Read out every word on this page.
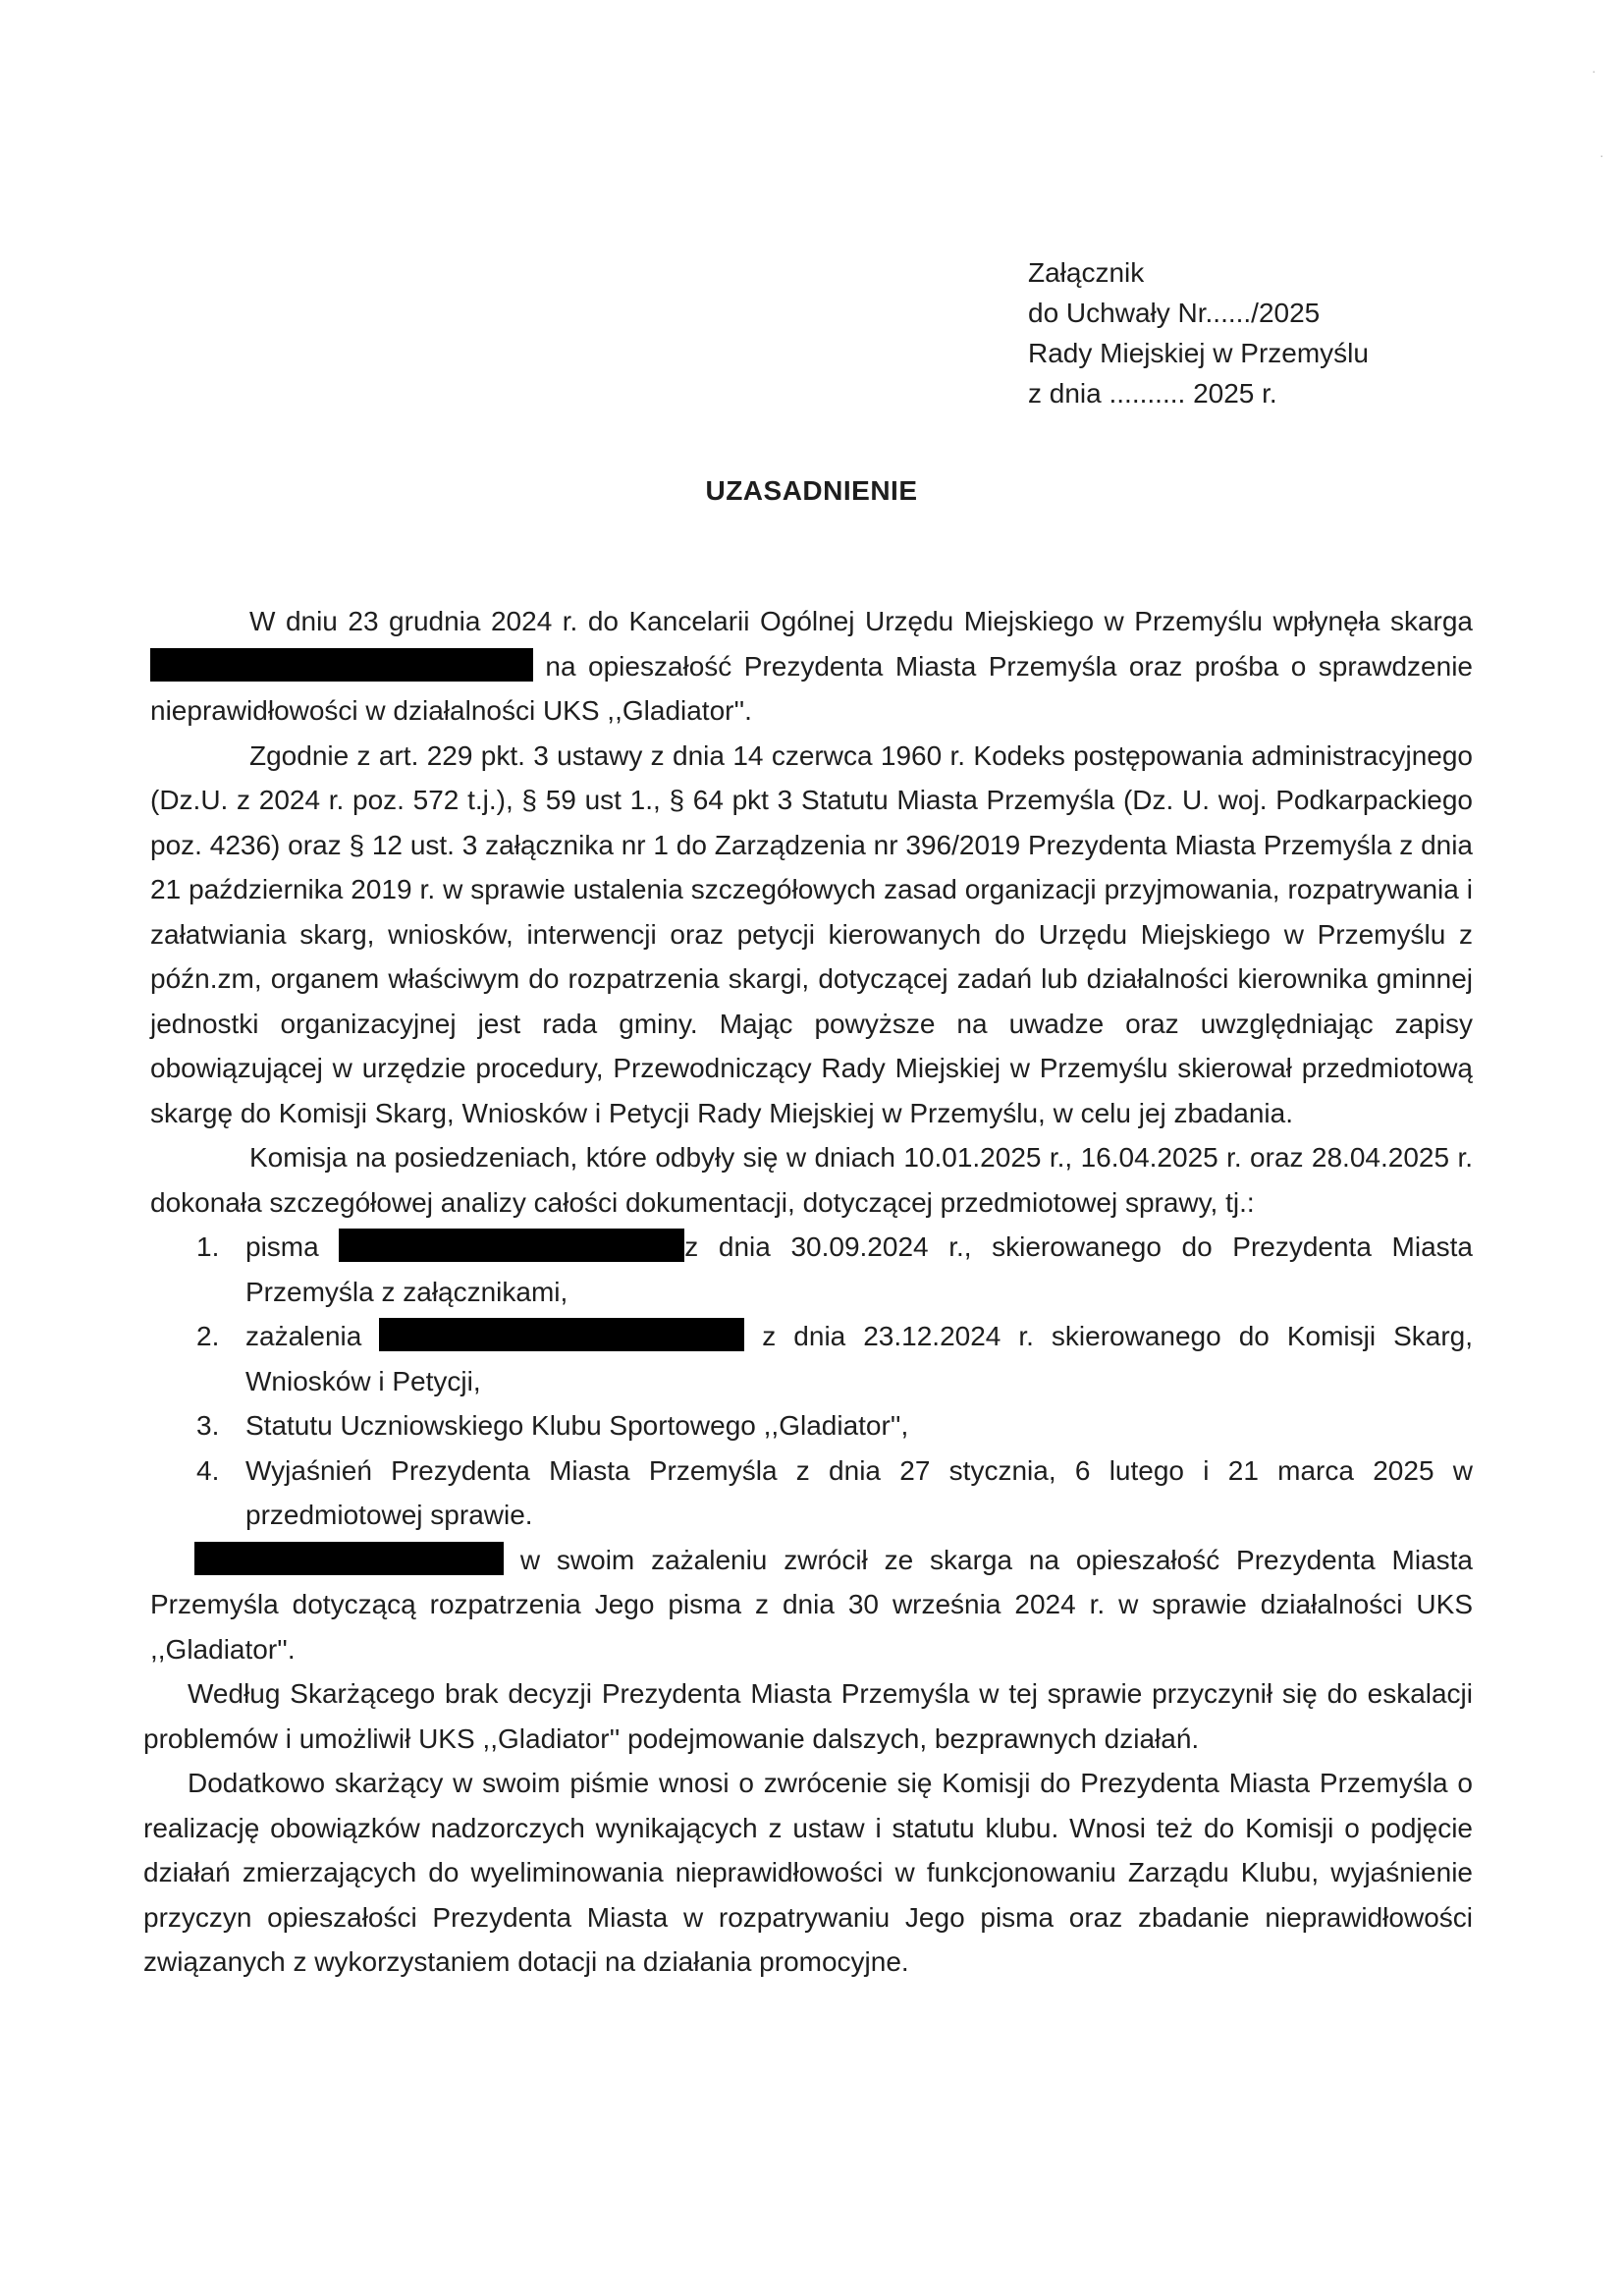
Załącznik
do Uchwały Nr....../2025
Rady Miejskiej w Przemyślu
z dnia .......... 2025 r.
UZASADNIENIE

W dniu 23 grudnia 2024 r. do Kancelarii Ogólnej Urzędu Miejskiego w Przemyślu wpłynęła skarga  na opieszałość Prezydenta Miasta Przemyśla oraz prośba o sprawdzenie nieprawidłowości w działalności UKS ,,Gladiator''.

Zgodnie z art. 229 pkt. 3 ustawy z dnia 14 czerwca 1960 r. Kodeks postępowania administracyjnego (Dz.U. z 2024 r. poz. 572 t.j.), § 59 ust 1., § 64 pkt 3 Statutu Miasta Przemyśla (Dz. U. woj. Podkarpackiego poz. 4236) oraz § 12 ust. 3 załącznika nr 1 do Zarządzenia nr 396/2019 Prezydenta Miasta Przemyśla z dnia 21 października 2019 r. w sprawie ustalenia szczegółowych zasad organizacji przyjmowania, rozpatrywania i załatwiania skarg, wniosków, interwencji oraz petycji kierowanych do Urzędu Miejskiego w Przemyślu z późn.zm, organem właściwym do rozpatrzenia skargi, dotyczącej zadań lub działalności kierownika gminnej jednostki organizacyjnej jest rada gminy. Mając powyższe na uwadze oraz uwzględniając zapisy obowiązującej w urzędzie procedury, Przewodniczący Rady Miejskiej w Przemyślu skierował przedmiotową skargę do Komisji Skarg, Wniosków i Petycji Rady Miejskiej w Przemyślu, w celu jej zbadania.

Komisja na posiedzeniach, które odbyły się w dniach 10.01.2025 r., 16.04.2025 r. oraz 28.04.2025 r. dokonała szczegółowej analizy całości dokumentacji, dotyczącej przedmiotowej sprawy, tj.:

1. pisma	z dnia 30.09.2024 r., skierowanego do Prezydenta Miasta Przemyśla z załącznikami,
2. zażalenia	z dnia 23.12.2024 r. skierowanego do Komisji Skarg, Wniosków i Petycji,
3. Statutu Uczniowskiego Klubu Sportowego ,,Gladiator'',
4. Wyjaśnień Prezydenta Miasta Przemyśla z dnia 27 stycznia, 6 lutego i 21 marca 2025 w przedmiotowej sprawie.

w swoim zażaleniu zwrócił ze skarga na opieszałość Prezydenta Miasta Przemyśla dotyczącą rozpatrzenia Jego pisma z dnia 30 września 2024 r. w sprawie działalności UKS ,,Gladiator''.

Według Skarżącego brak decyzji Prezydenta Miasta Przemyśla w tej sprawie przyczynił się do eskalacji problemów i umożliwił UKS ,,Gladiator'' podejmowanie dalszych, bezprawnych działań.

Dodatkowo skarżący w swoim piśmie wnosi o zwrócenie się Komisji do Prezydenta Miasta Przemyśla o realizację obowiązków nadzorczych wynikających z ustaw i statutu klubu. Wnosi też do Komisji o podjęcie działań zmierzających do wyeliminowania nieprawidłowości w funkcjonowaniu Zarządu Klubu, wyjaśnienie przyczyn opieszałości Prezydenta Miasta w rozpatrywaniu Jego pisma oraz zbadanie nieprawidłowości związanych z wykorzystaniem dotacji na działania promocyjne.

·
·
